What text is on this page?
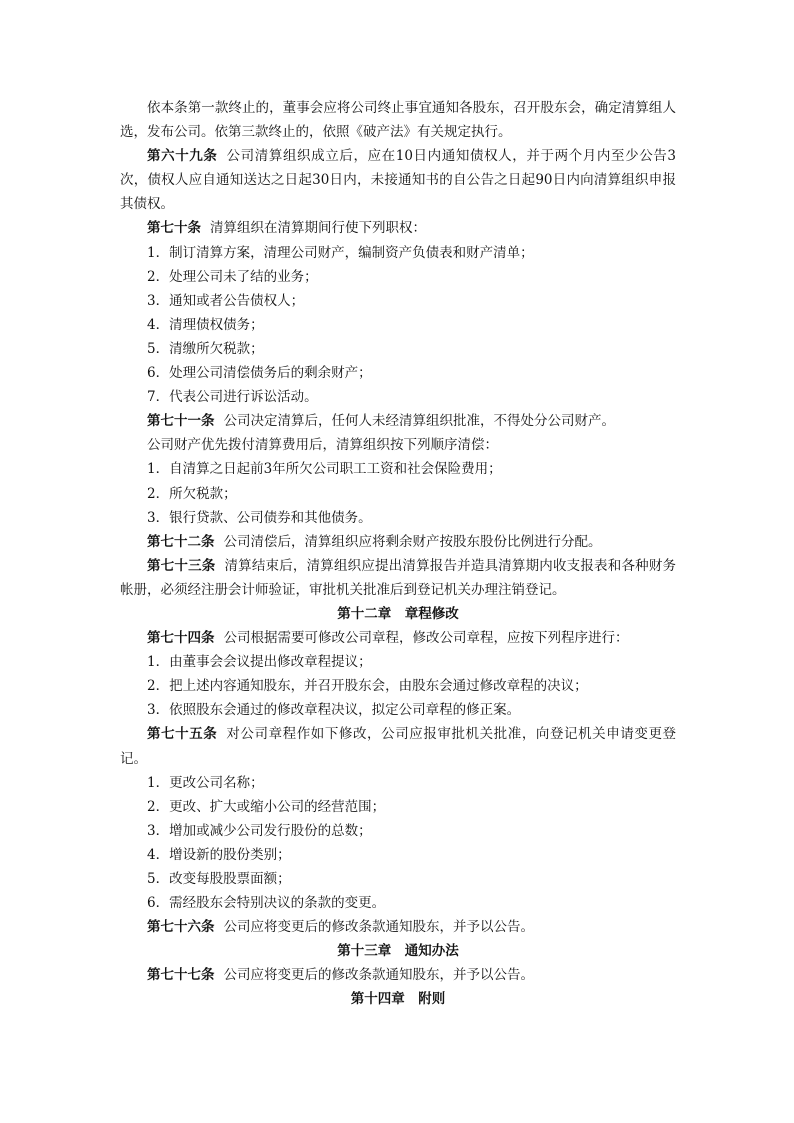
依本条第一款终止的，董事会应将公司终止事宜通知各股东，召开股东会，确定清算组人选，发布公司。依第三款终止的，依照《破产法》有关规定执行。

第六十九条 公司清算组织成立后，应在10日内通知债权人，并于两个月内至少公告3次，债权人应自通知送达之日起30日内，未接通知书的自公告之日起90日内向清算组织申报其债权。

第七十条 清算组织在清算期间行使下列职权：

1．制订清算方案，清理公司财产，编制资产负债表和财产清单；

2．处理公司未了结的业务；

3．通知或者公告债权人；

4．清理债权债务；

5．清缴所欠税款；

6．处理公司清偿债务后的剩余财产；

7．代表公司进行诉讼活动。

第七十一条 公司决定清算后，任何人未经清算组织批准，不得处分公司财产。

公司财产优先拨付清算费用后，清算组织按下列顺序清偿：

1．自清算之日起前3年所欠公司职工工资和社会保险费用；

2．所欠税款；

3．银行贷款、公司债券和其他债务。

第七十二条 公司清偿后，清算组织应将剩余财产按股东股份比例进行分配。

第七十三条 清算结束后，清算组织应提出清算报告并造具清算期内收支报表和各种财务帐册，必须经注册会计师验证，审批机关批准后到登记机关办理注销登记。

第十二章　章程修改

第七十四条 公司根据需要可修改公司章程，修改公司章程，应按下列程序进行：

1．由董事会会议提出修改章程提议；

2．把上述内容通知股东，并召开股东会，由股东会通过修改章程的决议；

3．依照股东会通过的修改章程决议，拟定公司章程的修正案。

第七十五条 对公司章程作如下修改，公司应报审批机关批准，向登记机关申请变更登记。

1．更改公司名称；

2．更改、扩大或缩小公司的经营范围；

3．增加或减少公司发行股份的总数；

4．增设新的股份类别；

5．改变每股股票面额；

6．需经股东会特别决议的条款的变更。

第七十六条 公司应将变更后的修改条款通知股东，并予以公告。

第十三章　通知办法

第七十七条 公司应将变更后的修改条款通知股东，并予以公告。

第十四章　附则
